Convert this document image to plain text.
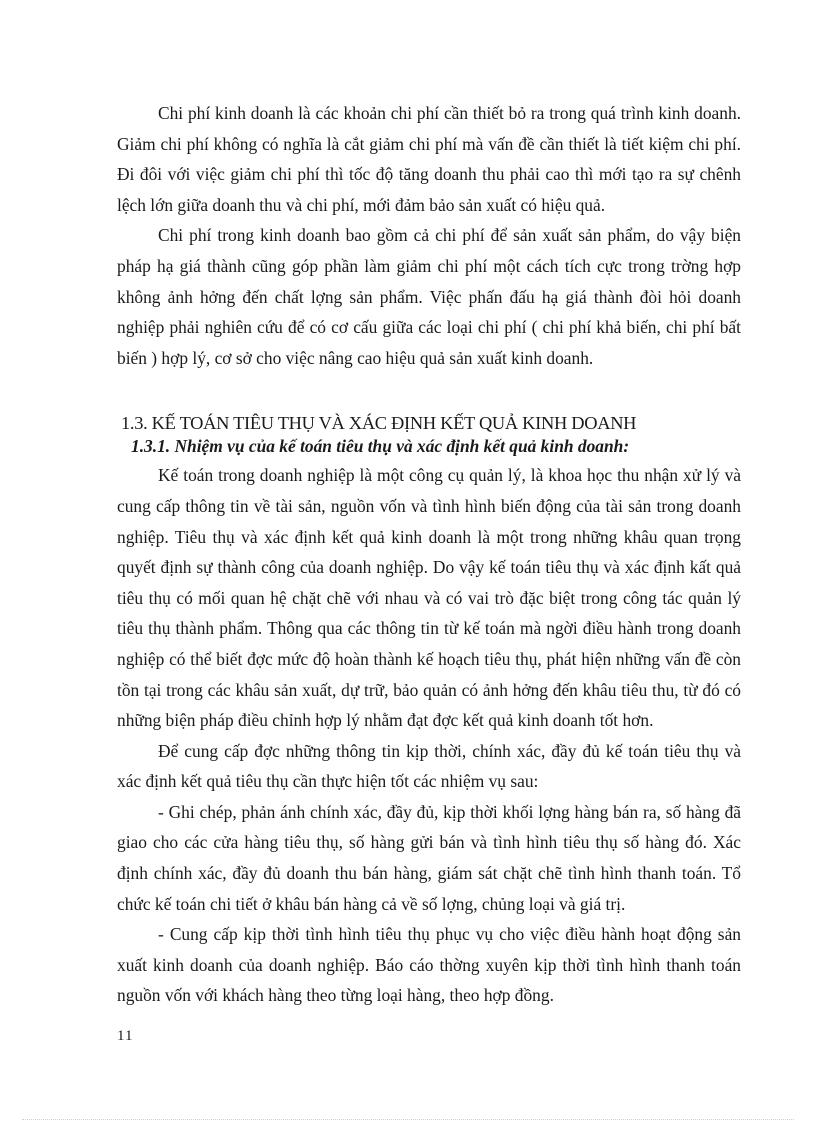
Chi phí kinh doanh là các khoản chi phí cần thiết bỏ ra trong quá trình kinh doanh. Giảm chi phí không có nghĩa là cắt giảm chi phí mà vấn đề cần thiết là tiết kiệm chi phí. Đi đôi với việc giảm chi phí thì tốc độ tăng doanh thu phải cao thì mới tạo ra sự chênh lệch lớn giữa doanh thu và chi phí, mới đảm bảo sản xuất có hiệu quả.

Chi phí trong kinh doanh bao gồm cả chi phí để sản xuất sản phẩm, do vậy biện pháp hạ giá thành cũng góp phần làm giảm chi phí một cách tích cực trong trờng hợp không ảnh hởng đến chất lợng sản phẩm. Việc phấn đấu hạ giá thành đòi hỏi doanh nghiệp phải nghiên cứu để có cơ cấu giữa các loại chi phí ( chi phí khả biến, chi phí bất biến ) hợp lý, cơ sở cho việc nâng cao hiệu quả sản xuất kinh doanh.

1.3. KẾ TOÁN TIÊU THỤ VÀ XÁC ĐỊNH KẾT QUẢ KINH DOANH
1.3.1. Nhiệm vụ của kế toán tiêu thụ và xác định kết quả kinh doanh:

Kế toán trong doanh nghiệp là một công cụ quản lý, là khoa học thu nhận xử lý và cung cấp thông tin về tài sản, nguồn vốn và tình hình biến động của tài sản trong doanh nghiệp. Tiêu thụ và xác định kết quả kinh doanh là một trong những khâu quan trọng quyết định sự thành công của doanh nghiệp. Do vậy kế toán tiêu thụ và xác định kất quả tiêu thụ có mối quan hệ chặt chẽ với nhau và có vai trò đặc biệt trong công tác quản lý tiêu thụ thành phẩm. Thông qua các thông tin từ kế toán mà ngời điều hành trong doanh nghiệp có thể biết đợc mức độ hoàn thành kế hoạch tiêu thụ, phát hiện những vấn đề còn tồn tại trong các khâu sản xuất, dự trữ, bảo quản có ảnh hởng đến khâu tiêu thu, từ đó có những biện pháp điều chỉnh hợp lý nhằm đạt đợc kết quả kinh doanh tốt hơn.

Để cung cấp đợc những thông tin kịp thời, chính xác, đầy đủ kế toán tiêu thụ và xác định kết quả tiêu thụ cần thực hiện tốt các nhiệm vụ sau:

- Ghi chép, phản ánh chính xác, đầy đủ, kịp thời khối lợng hàng bán ra, số hàng đã giao cho các cửa hàng tiêu thụ, số hàng gửi bán và tình hình tiêu thụ số hàng đó. Xác định chính xác, đầy đủ doanh thu bán hàng, giám sát chặt chẽ tình hình thanh toán. Tổ chức kế toán chi tiết ở khâu bán hàng cả về số lợng, chủng loại và giá trị.

- Cung cấp kịp thời tình hình tiêu thụ phục vụ cho việc điều hành hoạt động sản xuất kinh doanh của doanh nghiệp. Báo cáo thờng xuyên kịp thời tình hình thanh toán nguồn vốn với khách hàng theo từng loại hàng, theo hợp đồng.

11
